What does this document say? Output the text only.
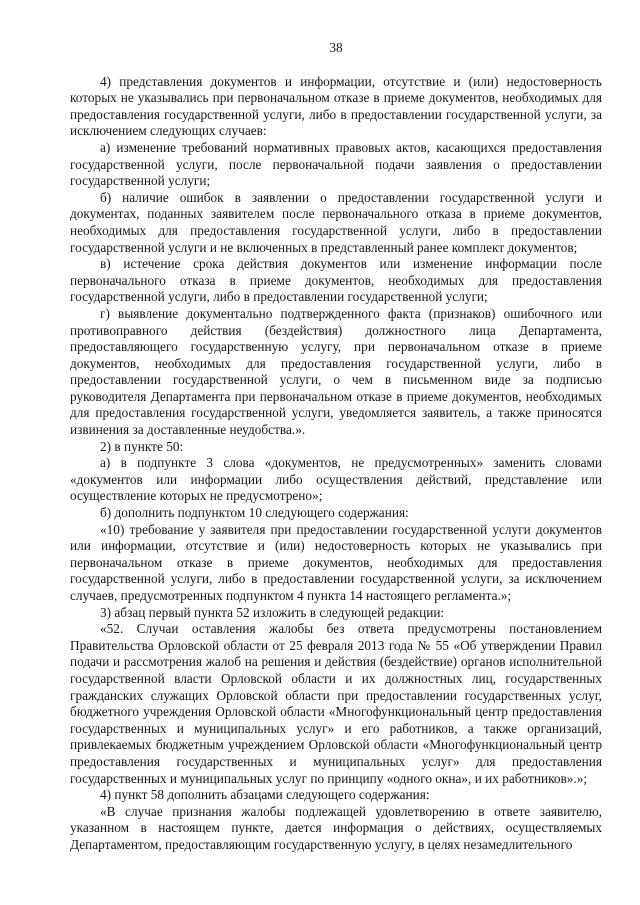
38

4) представления документов и информации, отсутствие и (или) недостоверность которых не указывались при первоначальном отказе в приеме документов, необходимых для предоставления государственной услуги, либо в предоставлении государственной услуги, за исключением следующих случаев:

а) изменение требований нормативных правовых актов, касающихся предоставления государственной услуги, после первоначальной подачи заявления о предоставлении государственной услуги;

б) наличие ошибок в заявлении о предоставлении государственной услуги и документах, поданных заявителем после первоначального отказа в приеме документов, необходимых для предоставления государственной услуги, либо в предоставлении государственной услуги и не включенных в представленный ранее комплект документов;

в) истечение срока действия документов или изменение информации после первоначального отказа в приеме документов, необходимых для предоставления государственной услуги, либо в предоставлении государственной услуги;

г) выявление документально подтвержденного факта (признаков) ошибочного или противоправного действия (бездействия) должностного лица Департамента, предоставляющего государственную услугу, при первоначальном отказе в приеме документов, необходимых для предоставления государственной услуги, либо в предоставлении государственной услуги, о чем в письменном виде за подписью руководителя Департамента при первоначальном отказе в приеме документов, необходимых для предоставления государственной услуги, уведомляется заявитель, а также приносятся извинения за доставленные неудобства.».

2) в пункте 50:

а) в подпункте 3 слова «документов, не предусмотренных» заменить словами «документов или информации либо осуществления действий, представление или осуществление которых не предусмотрено»;

б) дополнить подпунктом 10 следующего содержания:

«10) требование у заявителя при предоставлении государственной услуги документов или информации, отсутствие и (или) недостоверность которых не указывались при первоначальном отказе в приеме документов, необходимых для предоставления государственной услуги, либо в предоставлении государственной услуги, за исключением случаев, предусмотренных подпунктом 4 пункта 14 настоящего регламента.»;

3) абзац первый пункта 52 изложить в следующей редакции:

«52. Случаи оставления жалобы без ответа предусмотрены постановлением Правительства Орловской области от 25 февраля 2013 года № 55 «Об утверждении Правил подачи и рассмотрения жалоб на решения и действия (бездействие) органов исполнительной государственной власти Орловской области и их должностных лиц, государственных гражданских служащих Орловской области при предоставлении государственных услуг, бюджетного учреждения Орловской области «Многофункциональный центр предоставления государственных и муниципальных услуг» и его работников, а также организаций, привлекаемых бюджетным учреждением Орловской области «Многофункциональный центр предоставления государственных и муниципальных услуг» для предоставления государственных и муниципальных услуг по принципу «одного окна», и их работников».»;

4) пункт 58 дополнить абзацами следующего содержания:

«В случае признания жалобы подлежащей удовлетворению в ответе заявителю, указанном в настоящем пункте, дается информация о действиях, осуществляемых Департаментом, предоставляющим государственную услугу, в целях незамедлительного
